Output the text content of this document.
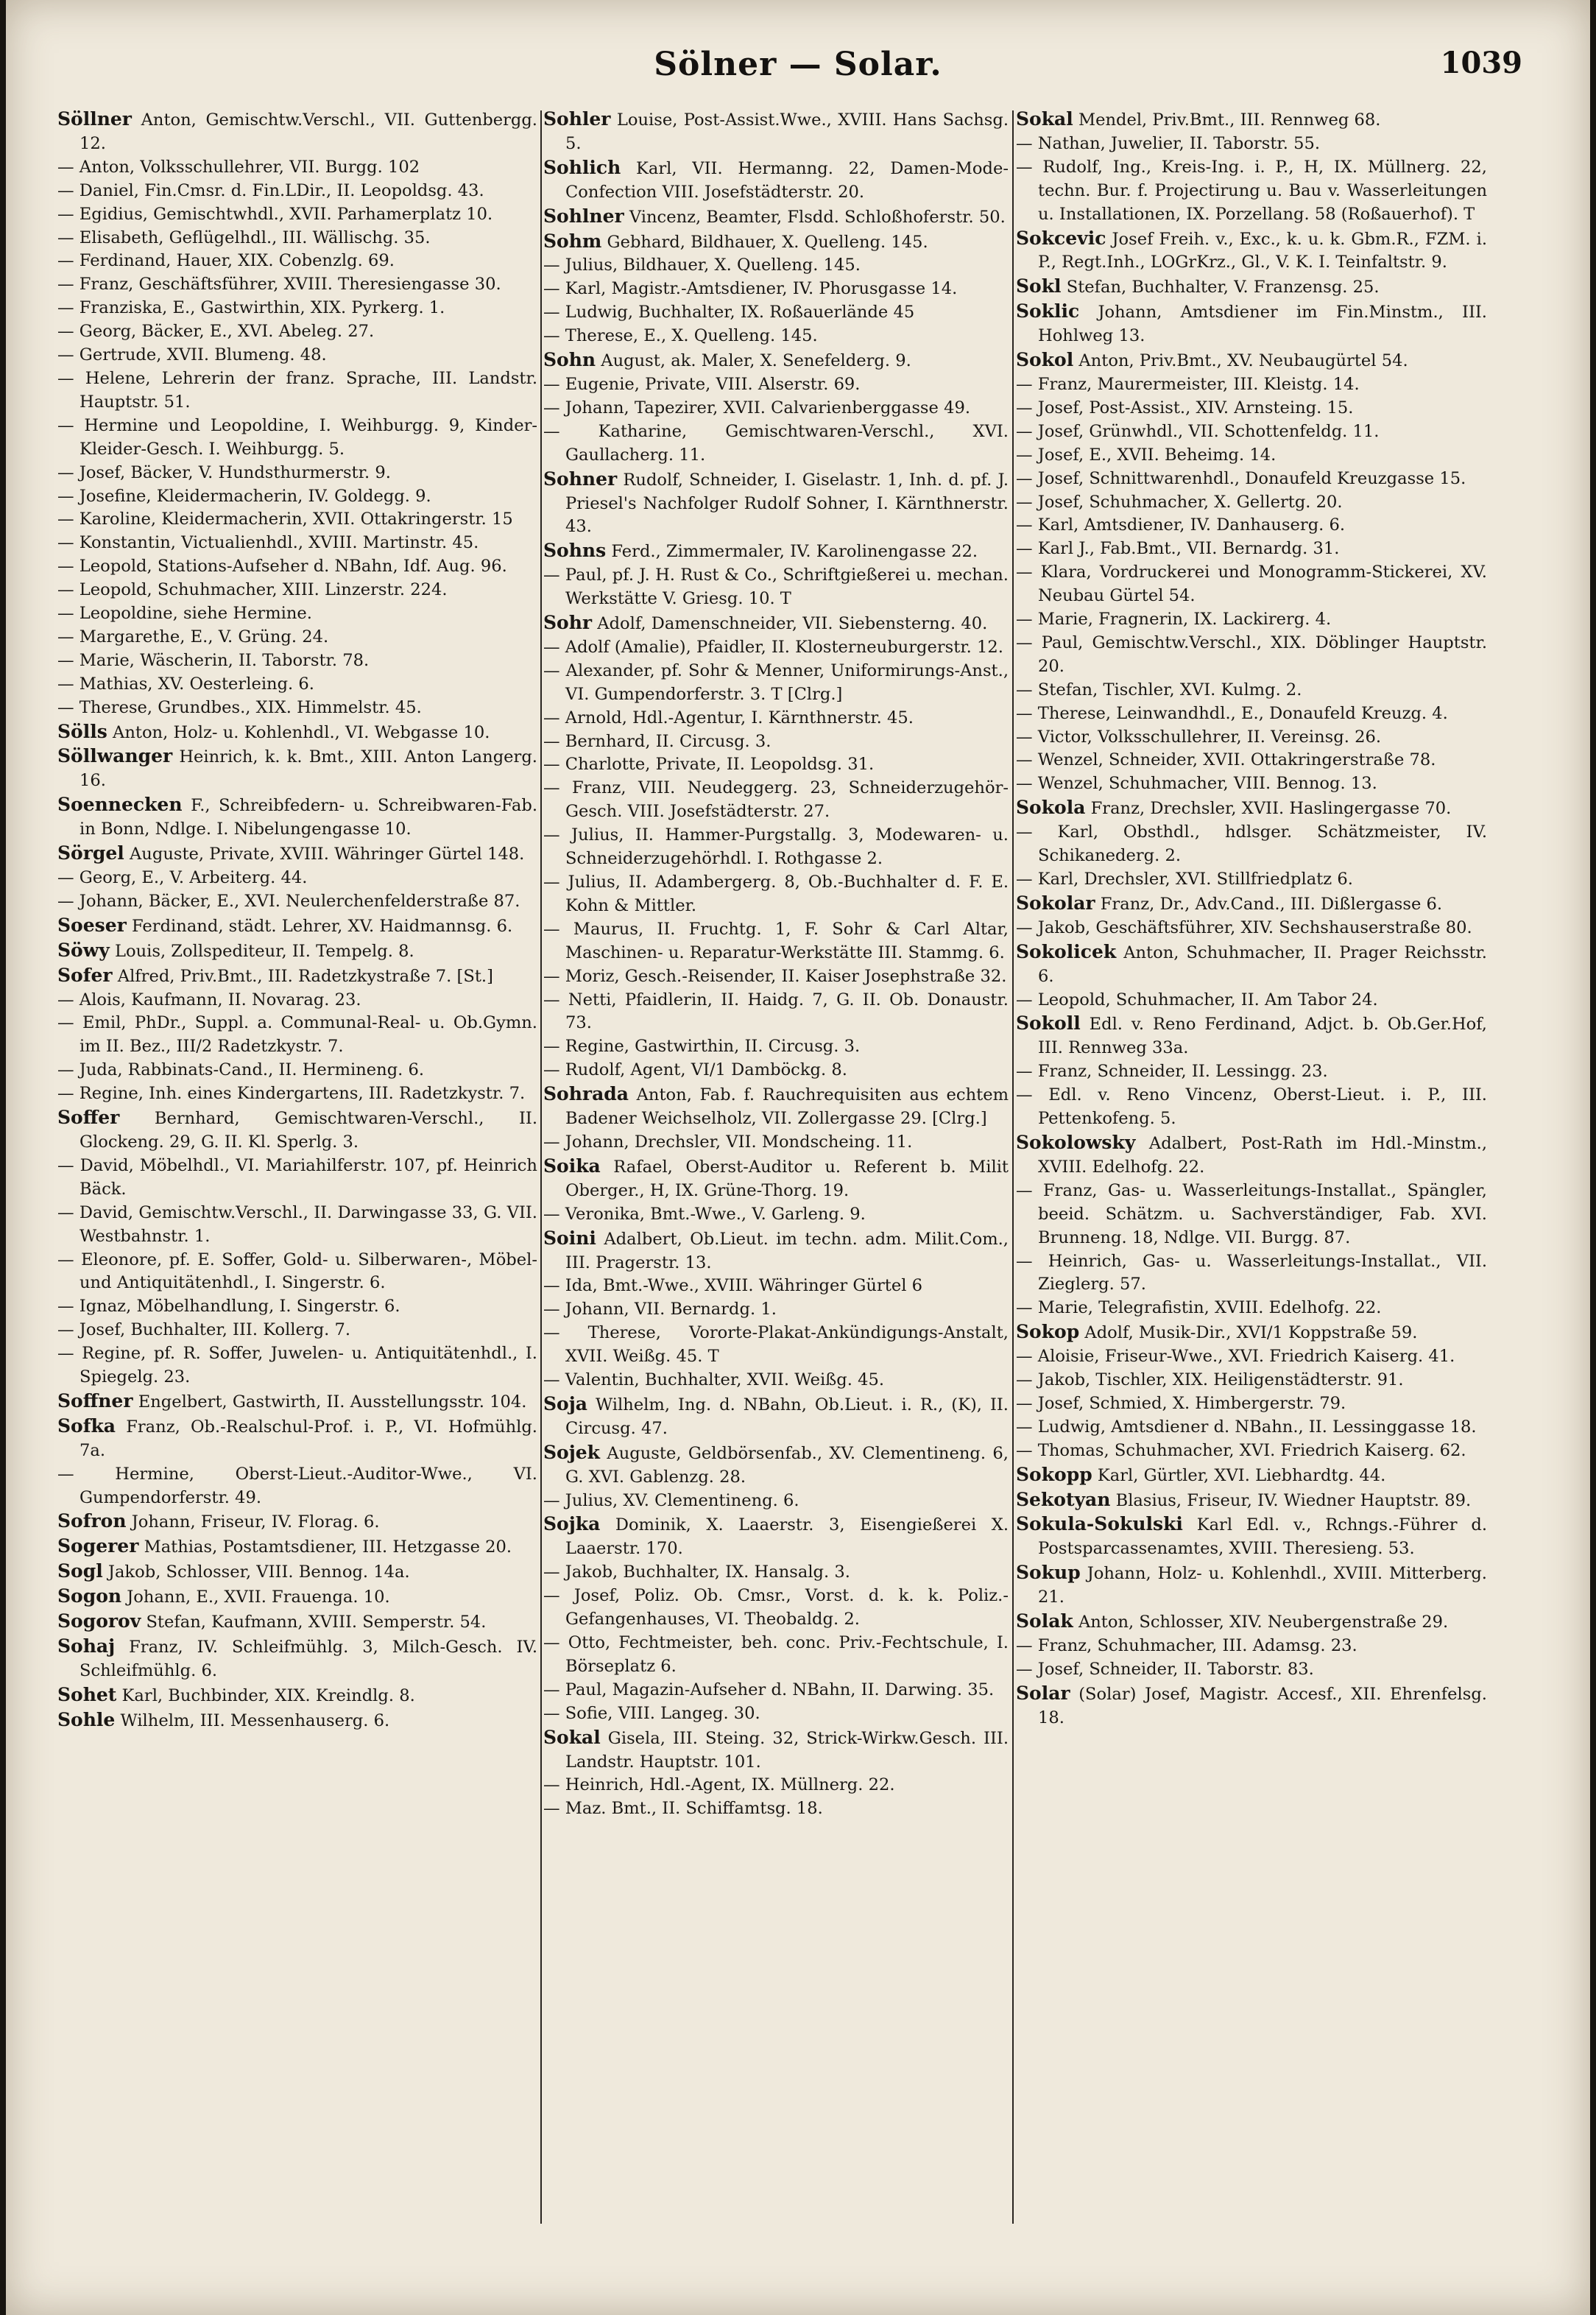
Sölner — Solar.	1039

Söllner Anton, Gemischtw.Verschl., VII. Guttenbergg. 12.

— Anton, Volksschullehrer, VII. Burgg. 102

— Daniel, Fin.Cmsr. d. Fin.LDir., II. Leopoldsg. 43.

— Egidius, Gemischtwhdl., XVII. Parhamerplatz 10.

— Elisabeth, Geflügelhdl., III. Wällischg. 35.

— Ferdinand, Hauer, XIX. Cobenzlg. 69.

— Franz, Geschäftsführer, XVIII. Theresiengasse 30.

— Franziska, E., Gastwirthin, XIX. Pyrkerg. 1.

— Georg, Bäcker, E., XVI. Abeleg. 27.

— Gertrude, XVII. Blumeng. 48.

— Helene, Lehrerin der franz. Sprache, III. Landstr. Hauptstr. 51.

— Hermine und Leopoldine, I. Weihburgg. 9, Kinder-Kleider-Gesch. I. Weihburgg. 5.

— Josef, Bäcker, V. Hundsthurmerstr. 9.

— Josefine, Kleidermacherin, IV. Goldegg. 9.

— Karoline, Kleidermacherin, XVII. Ottakringerstr. 15

— Konstantin, Victualienhdl., XVIII. Martinstr. 45.

— Leopold, Stations-Aufseher d. NBahn, Idf. Aug. 96.

— Leopold, Schuhmacher, XIII. Linzerstr. 224.

— Leopoldine, siehe Hermine.

— Margarethe, E., V. Grüng. 24.

— Marie, Wäscherin, II. Taborstr. 78.

— Mathias, XV. Oesterleing. 6.

— Therese, Grundbes., XIX. Himmelstr. 45.

Sölls Anton, Holz- u. Kohlenhdl., VI. Webgasse 10.

Söllwanger Heinrich, k. k. Bmt., XIII. Anton Langerg. 16.

Soennecken F., Schreibfedern- u. Schreibwaren-Fab. in Bonn, Ndlge. I. Nibelungengasse 10.

Sörgel Auguste, Private, XVIII. Währinger Gürtel 148.

— Georg, E., V. Arbeiterg. 44.

— Johann, Bäcker, E., XVI. Neulerchenfelderstraße 87.

Soeser Ferdinand, städt. Lehrer, XV. Haidmannsg. 6.

Söwy Louis, Zollspediteur, II. Tempelg. 8.

Sofer Alfred, Priv.Bmt., III. Radetzkystraße 7. [St.]

— Alois, Kaufmann, II. Novarag. 23.

— Emil, PhDr., Suppl. a. Communal-Real- u. Ob.Gymn. im II. Bez., III/2 Radetzkystr. 7.

— Juda, Rabbinats-Cand., II. Hermineng. 6.

— Regine, Inh. eines Kindergartens, III. Radetzkystr. 7.

Soffer Bernhard, Gemischtwaren-Verschl., II. Glockeng. 29, G. II. Kl. Sperlg. 3.

— David, Möbelhdl., VI. Mariahilferstr. 107, pf. Heinrich Bäck.

— David, Gemischtw.Verschl., II. Darwingasse 33, G. VII. Westbahnstr. 1.

— Eleonore, pf. E. Soffer, Gold- u. Silberwaren-, Möbel- und Antiquitätenhdl., I. Singerstr. 6.

— Ignaz, Möbelhandlung, I. Singerstr. 6.

— Josef, Buchhalter, III. Kollerg. 7.

— Regine, pf. R. Soffer, Juwelen- u. Antiquitätenhdl., I. Spiegelg. 23.

Soffner Engelbert, Gastwirth, II. Ausstellungsstr. 104.

Sofka Franz, Ob.-Realschul-Prof. i. P., VI. Hofmühlg. 7a.

— Hermine, Oberst-Lieut.-Auditor-Wwe., VI. Gumpendorferstr. 49.

Sofron Johann, Friseur, IV. Florag. 6.

Sogerer Mathias, Postamtsdiener, III. Hetzgasse 20.

Sogl Jakob, Schlosser, VIII. Bennog. 14a.

Sogon Johann, E., XVII. Frauenga. 10.

Sogorov Stefan, Kaufmann, XVIII. Semperstr. 54.

Sohaj Franz, IV. Schleifmühlg. 3, Milch-Gesch. IV. Schleifmühlg. 6.

Sohet Karl, Buchbinder, XIX. Kreindlg. 8.

Sohle Wilhelm, III. Messenhauserg. 6.

Sohler Louise, Post-Assist.Wwe., XVIII. Hans Sachsg. 5.

Sohlich Karl, VII. Hermanng. 22, Damen-Mode-Confection VIII. Josefstädterstr. 20.

Sohlner Vincenz, Beamter, Flsdd. Schloßhoferstr. 50.

Sohm Gebhard, Bildhauer, X. Quelleng. 145.

— Julius, Bildhauer, X. Quelleng. 145.

— Karl, Magistr.-Amtsdiener, IV. Phorusgasse 14.

— Ludwig, Buchhalter, IX. Roßauerlände 45

— Therese, E., X. Quelleng. 145.

Sohn August, ak. Maler, X. Senefelderg. 9.

— Eugenie, Private, VIII. Alserstr. 69.

— Johann, Tapezirer, XVII. Calvarienberggasse 49.

— Katharine, Gemischtwaren-Verschl., XVI. Gaullacherg. 11.

Sohner Rudolf, Schneider, I. Giselastr. 1, Inh. d. pf. J. Priesel's Nachfolger Rudolf Sohner, I. Kärnthnerstr. 43.

Sohns Ferd., Zimmermaler, IV. Karolinengasse 22.

— Paul, pf. J. H. Rust & Co., Schriftgießerei u. mechan. Werkstätte V. Griesg. 10. T

Sohr Adolf, Damenschneider, VII. Siebensterng. 40.

— Adolf (Amalie), Pfaidler, II. Klosterneuburgerstr. 12.

— Alexander, pf. Sohr & Menner, Uniformirungs-Anst., VI. Gumpendorferstr. 3. T [Clrg.]

— Arnold, Hdl.-Agentur, I. Kärnthnerstr. 45.

— Bernhard, II. Circusg. 3.

— Charlotte, Private, II. Leopoldsg. 31.

— Franz, VIII. Neudeggerg. 23, Schneiderzugehör-Gesch. VIII. Josefstädterstr. 27.

— Julius, II. Hammer-Purgstallg. 3, Modewaren- u. Schneiderzugehörhdl. I. Rothgasse 2.

— Julius, II. Adambergerg. 8, Ob.-Buchhalter d. F. E. Kohn & Mittler.

— Maurus, II. Fruchtg. 1, F. Sohr & Carl Altar, Maschinen- u. Reparatur-Werkstätte III. Stammg. 6.

— Moriz, Gesch.-Reisender, II. Kaiser Josephstraße 32.

— Netti, Pfaidlerin, II. Haidg. 7, G. II. Ob. Donaustr. 73.

— Regine, Gastwirthin, II. Circusg. 3.

— Rudolf, Agent, VI/1 Damböckg. 8.

Sohrada Anton, Fab. f. Rauchrequisiten aus echtem Badener Weichselholz, VII. Zollergasse 29. [Clrg.]

— Johann, Drechsler, VII. Mondscheing. 11.

Soika Rafael, Oberst-Auditor u. Referent b. Milit Oberger., H, IX. Grüne-Thorg. 19.

— Veronika, Bmt.-Wwe., V. Garleng. 9.

Soini Adalbert, Ob.Lieut. im techn. adm. Milit.Com., III. Pragerstr. 13.

— Ida, Bmt.-Wwe., XVIII. Währinger Gürtel 6

— Johann, VII. Bernardg. 1.

— Therese, Vororte-Plakat-Ankündigungs-Anstalt, XVII. Weißg. 45. T

— Valentin, Buchhalter, XVII. Weißg. 45.

Soja Wilhelm, Ing. d. NBahn, Ob.Lieut. i. R., (K), II. Circusg. 47.

Sojek Auguste, Geldbörsenfab., XV. Clementineng. 6, G. XVI. Gablenzg. 28.

— Julius, XV. Clementineng. 6.

Sojka Dominik, X. Laaerstr. 3, Eisengießerei X. Laaerstr. 170.

— Jakob, Buchhalter, IX. Hansalg. 3.

— Josef, Poliz. Ob. Cmsr., Vorst. d. k. k. Poliz.-Gefangenhauses, VI. Theobaldg. 2.

— Otto, Fechtmeister, beh. conc. Priv.-Fechtschule, I. Börseplatz 6.

— Paul, Magazin-Aufseher d. NBahn, II. Darwing. 35.

— Sofie, VIII. Langeg. 30.

Sokal Gisela, III. Steing. 32, Strick-Wirkw.Gesch. III. Landstr. Hauptstr. 101.

— Heinrich, Hdl.-Agent, IX. Müllnerg. 22.

— Maz. Bmt., II. Schiffamtsg. 18.

Sokal Mendel, Priv.Bmt., III. Rennweg 68.

— Nathan, Juwelier, II. Taborstr. 55.

— Rudolf, Ing., Kreis-Ing. i. P., H, IX. Müllnerg. 22, techn. Bur. f. Projectirung u. Bau v. Wasserleitungen u. Installationen, IX. Porzellang. 58 (Roßauerhof). T

Sokcevic Josef Freih. v., Exc., k. u. k. Gbm.R., FZM. i. P., Regt.Inh., LOGrKrz., Gl., V. K. I. Teinfaltstr. 9.

Sokl Stefan, Buchhalter, V. Franzensg. 25.

Soklic Johann, Amtsdiener im Fin.Minstm., III. Hohlweg 13.

Sokol Anton, Priv.Bmt., XV. Neubaugürtel 54.

— Franz, Maurermeister, III. Kleistg. 14.

— Josef, Post-Assist., XIV. Arnsteing. 15.

— Josef, Grünwhdl., VII. Schottenfeldg. 11.

— Josef, E., XVII. Beheimg. 14.

— Josef, Schnittwarenhdl., Donaufeld Kreuzgasse 15.

— Josef, Schuhmacher, X. Gellertg. 20.

— Karl, Amtsdiener, IV. Danhauserg. 6.

— Karl J., Fab.Bmt., VII. Bernardg. 31.

— Klara, Vordruckerei und Monogramm-Stickerei, XV. Neubau Gürtel 54.

— Marie, Fragnerin, IX. Lackirerg. 4.

— Paul, Gemischtw.Verschl., XIX. Döblinger Hauptstr. 20.

— Stefan, Tischler, XVI. Kulmg. 2.

— Therese, Leinwandhdl., E., Donaufeld Kreuzg. 4.

— Victor, Volksschullehrer, II. Vereinsg. 26.

— Wenzel, Schneider, XVII. Ottakringerstraße 78.

— Wenzel, Schuhmacher, VIII. Bennog. 13.

Sokola Franz, Drechsler, XVII. Haslingergasse 70.

— Karl, Obsthdl., hdlsger. Schätzmeister, IV. Schikanederg. 2.

— Karl, Drechsler, XVI. Stillfriedplatz 6.

Sokolar Franz, Dr., Adv.Cand., III. Dißlergasse 6.

— Jakob, Geschäftsführer, XIV. Sechshauserstraße 80.

Sokolicek Anton, Schuhmacher, II. Prager Reichsstr. 6.

— Leopold, Schuhmacher, II. Am Tabor 24.

Sokoll Edl. v. Reno Ferdinand, Adjct. b. Ob.Ger.Hof, III. Rennweg 33a.

— Franz, Schneider, II. Lessingg. 23.

— Edl. v. Reno Vincenz, Oberst-Lieut. i. P., III. Pettenkofeng. 5.

Sokolowsky Adalbert, Post-Rath im Hdl.-Minstm., XVIII. Edelhofg. 22.

— Franz, Gas- u. Wasserleitungs-Installat., Spängler, beeid. Schätzm. u. Sachverständiger, Fab. XVI. Brunneng. 18, Ndlge. VII. Burgg. 87.

— Heinrich, Gas- u. Wasserleitungs-Installat., VII. Zieglerg. 57.

— Marie, Telegrafistin, XVIII. Edelhofg. 22.

Sokop Adolf, Musik-Dir., XVI/1 Koppstraße 59.

— Aloisie, Friseur-Wwe., XVI. Friedrich Kaiserg. 41.

— Jakob, Tischler, XIX. Heiligenstädterstr. 91.

— Josef, Schmied, X. Himbergerstr. 79.

— Ludwig, Amtsdiener d. NBahn., II. Lessinggasse 18.

— Thomas, Schuhmacher, XVI. Friedrich Kaiserg. 62.

Sokopp Karl, Gürtler, XVI. Liebhardtg. 44.

Sekotyan Blasius, Friseur, IV. Wiedner Hauptstr. 89.

Sokula-Sokulski Karl Edl. v., Rchngs.-Führer d. Postsparcassenamtes, XVIII. Theresieng. 53.

Sokup Johann, Holz- u. Kohlenhdl., XVIII. Mitterberg. 21.

Solak Anton, Schlosser, XIV. Neubergenstraße 29.

— Franz, Schuhmacher, III. Adamsg. 23.

— Josef, Schneider, II. Taborstr. 83.

Solar (Solar) Josef, Magistr. Accesf., XII. Ehrenfelsg. 18.
